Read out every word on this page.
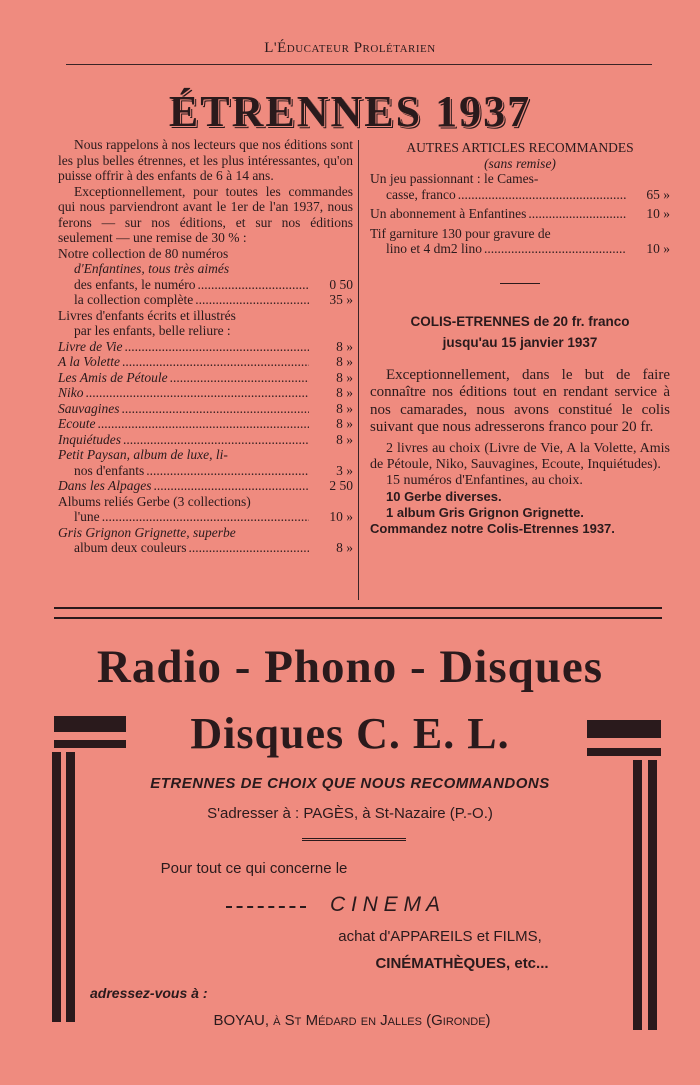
L'Éducateur Prolétarien
ÉTRENNES 1937

Nous rappelons à nos lecteurs que nos éditions sont les plus belles étrennes, et les plus intéressantes, qu'on puisse offrir à des enfants de 6 à 14 ans.

Exceptionnellement, pour toutes les commandes qui nous parviendront avant le 1er de l'an 1937, nous ferons — sur nos éditions, et sur nos éditions seulement — une remise de 30 % :

Notre collection de 80 numéros
d'Enfantines, tous très aimés
des enfants, le numéro .....	0 50
la collection complète .....	35 »
Livres d'enfants écrits et illustrés
par les enfants, belle reliure :
Livre de Vie .....	8 »
A la Volette .....	8 »
Les Amis de Pétoule .....	8 »
Niko .....	8 »
Sauvagines .....	8 »
Ecoute .....	8 »
Inquiétudes .....	8 »
Petit Paysan, album de luxe, li-
nos d'enfants .....	3 »
Dans les Alpages .....	2 50
Albums reliés Gerbe (3 collections)
l'une .....	10 »
Gris Grignon Grignette, superbe
album deux couleurs .....	8 »
AUTRES ARTICLES RECOMMANDES
(sans remise)
Un jeu passionnant : le Cames-
casse, franco .....	65 »
Un abonnement à Enfantines .....	10 »
Tif garniture 130 pour gravure de
lino et 4 dm2 lino .....	10 »
COLIS-ETRENNES de 20 fr. franco
jusqu'au 15 janvier 1937

Exceptionnellement, dans le but de faire connaître nos éditions tout en rendant service à nos camarades, nous avons constitué le colis suivant que nous adresserons franco pour 20 fr.

2 livres au choix (Livre de Vie, A la Volette, Amis de Pétoule, Niko, Sauvagines, Ecoute, Inquiétudes).

15 numéros d'Enfantines, au choix.
10 Gerbe diverses.
1 album Gris Grignon Grignette.
Commandez notre Colis-Etrennes 1937.
Radio - Phono - Disques
Disques C. E. L.
ETRENNES DE CHOIX QUE NOUS RECOMMANDONS
S'adresser à : PAGÈS, à St-Nazaire (P.-O.)
Pour tout ce qui concerne le
C I N E M A
achat d'APPAREILS et FILMS,
CINÉMATHÈQUES, etc...
adressez-vous à :
BOYAU, à St Médard en Jalles (Gironde)
